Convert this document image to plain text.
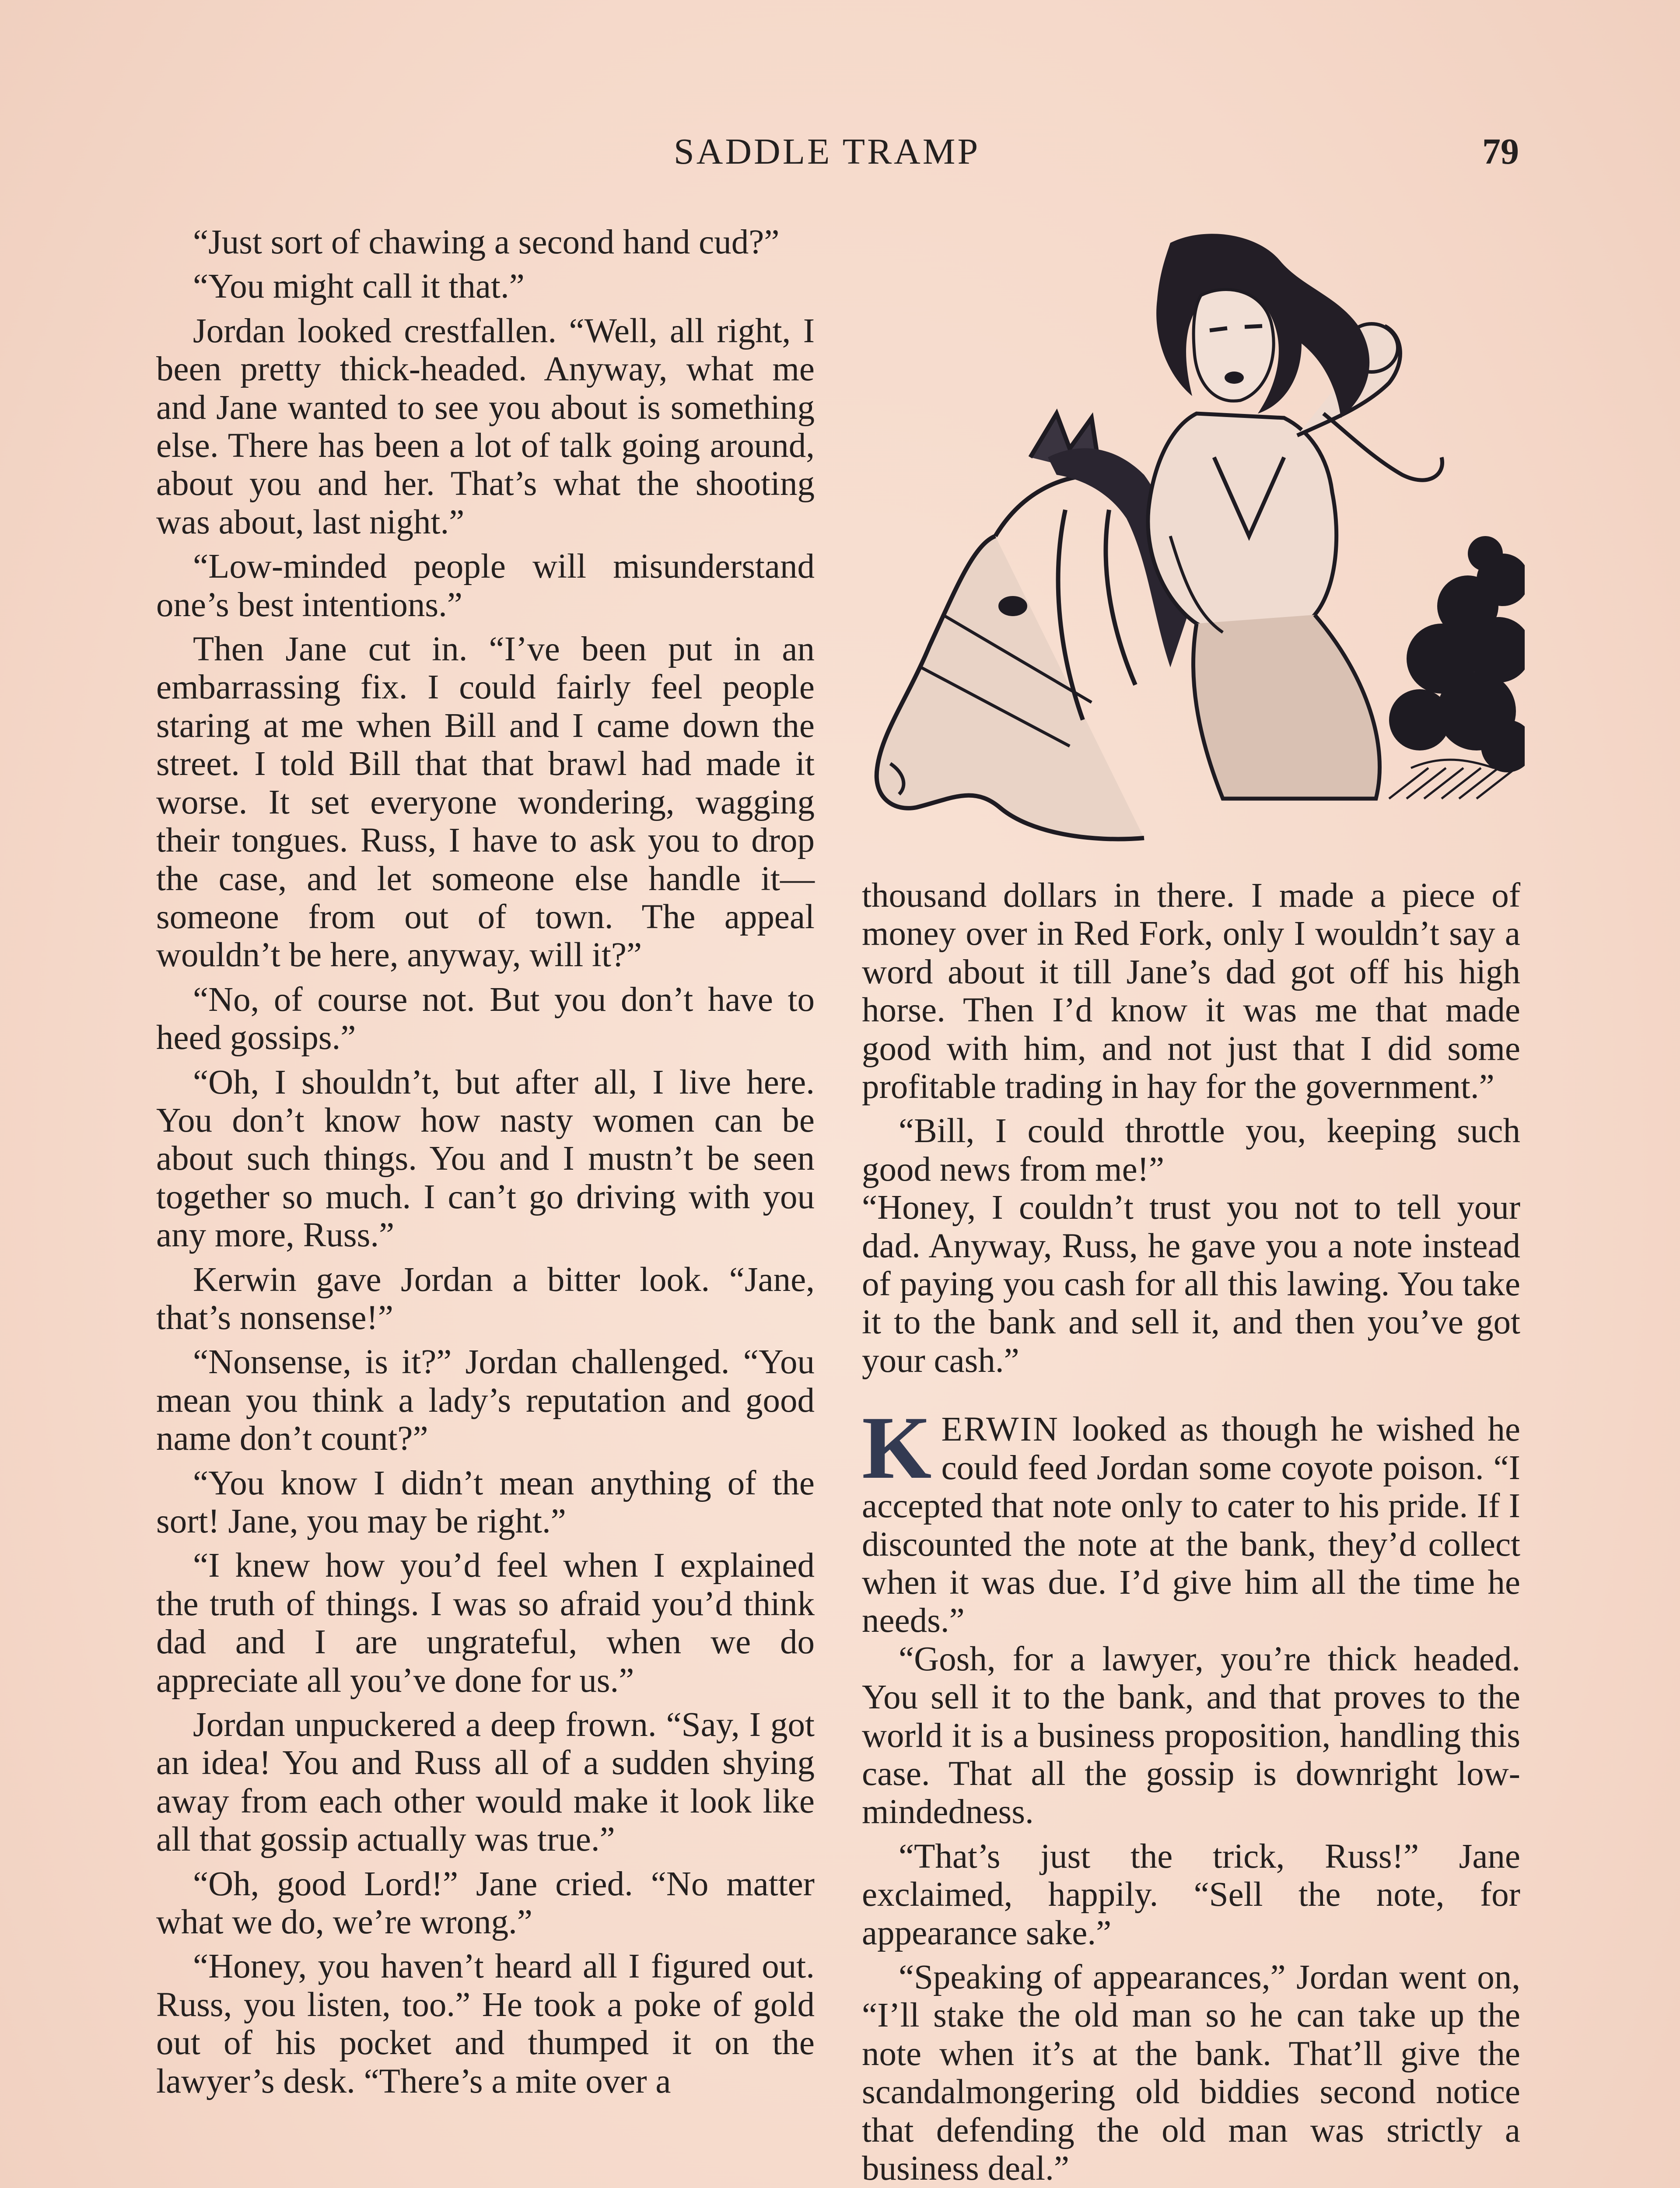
SADDLE TRAMP	79

“Just sort of chawing a second hand cud?”

“You might call it that.”

Jordan looked crestfallen. “Well, all right, I been pretty thick-headed. Anyway, what me and Jane wanted to see you about is something else. There has been a lot of talk going around, about you and her. That’s what the shooting was about, last night.”

“Low-minded people will misunderstand one’s best intentions.”

Then Jane cut in. “I’ve been put in an embarrassing fix. I could fairly feel people staring at me when Bill and I came down the street. I told Bill that that brawl had made it worse. It set everyone wondering, wagging their tongues. Russ, I have to ask you to drop the case, and let someone else handle it—someone from out of town. The appeal wouldn’t be here, anyway, will it?”

“No, of course not. But you don’t have to heed gossips.”

“Oh, I shouldn’t, but after all, I live here. You don’t know how nasty women can be about such things. You and I mustn’t be seen together so much. I can’t go driving with you any more, Russ.”

Kerwin gave Jordan a bitter look. “Jane, that’s nonsense!”

“Nonsense, is it?” Jordan challenged. “You mean you think a lady’s reputation and good name don’t count?”

“You know I didn’t mean anything of the sort! Jane, you may be right.”

“I knew how you’d feel when I explained the truth of things. I was so afraid you’d think dad and I are ungrateful, when we do appreciate all you’ve done for us.”

Jordan unpuckered a deep frown. “Say, I got an idea! You and Russ all of a sudden shying away from each other would make it look like all that gossip actually was true.”

“Oh, good Lord!” Jane cried. “No matter what we do, we’re wrong.”

“Honey, you haven’t heard all I figured out. Russ, you listen, too.” He took a poke of gold out of his pocket and thumped it on the lawyer’s desk. “There’s a mite over a

thousand dollars in there. I made a piece of money over in Red Fork, only I wouldn’t say a word about it till Jane’s dad got off his high horse. Then I’d know it was me that made good with him, and not just that I did some profitable trading in hay for the government.”

“Bill, I could throttle you, keeping such good news from me!”

“Honey, I couldn’t trust you not to tell your dad. Anyway, Russ, he gave you a note instead of paying you cash for all this lawing. You take it to the bank and sell it, and then you’ve got your cash.”

KERWIN looked as though he wished he could feed Jordan some coyote poison. “I accepted that note only to cater to his pride. If I discounted the note at the bank, they’d collect when it was due. I’d give him all the time he needs.”

“Gosh, for a lawyer, you’re thick headed. You sell it to the bank, and that proves to the world it is a business proposition, handling this case. That all the gossip is downright low-mindedness.

“That’s just the trick, Russ!” Jane exclaimed, happily. “Sell the note, for appearance sake.”

“Speaking of appearances,” Jordan went on, “I’ll stake the old man so he can take up the note when it’s at the bank. That’ll give the scandalmongering old biddies second notice that defending the old man was strictly a business deal.”
